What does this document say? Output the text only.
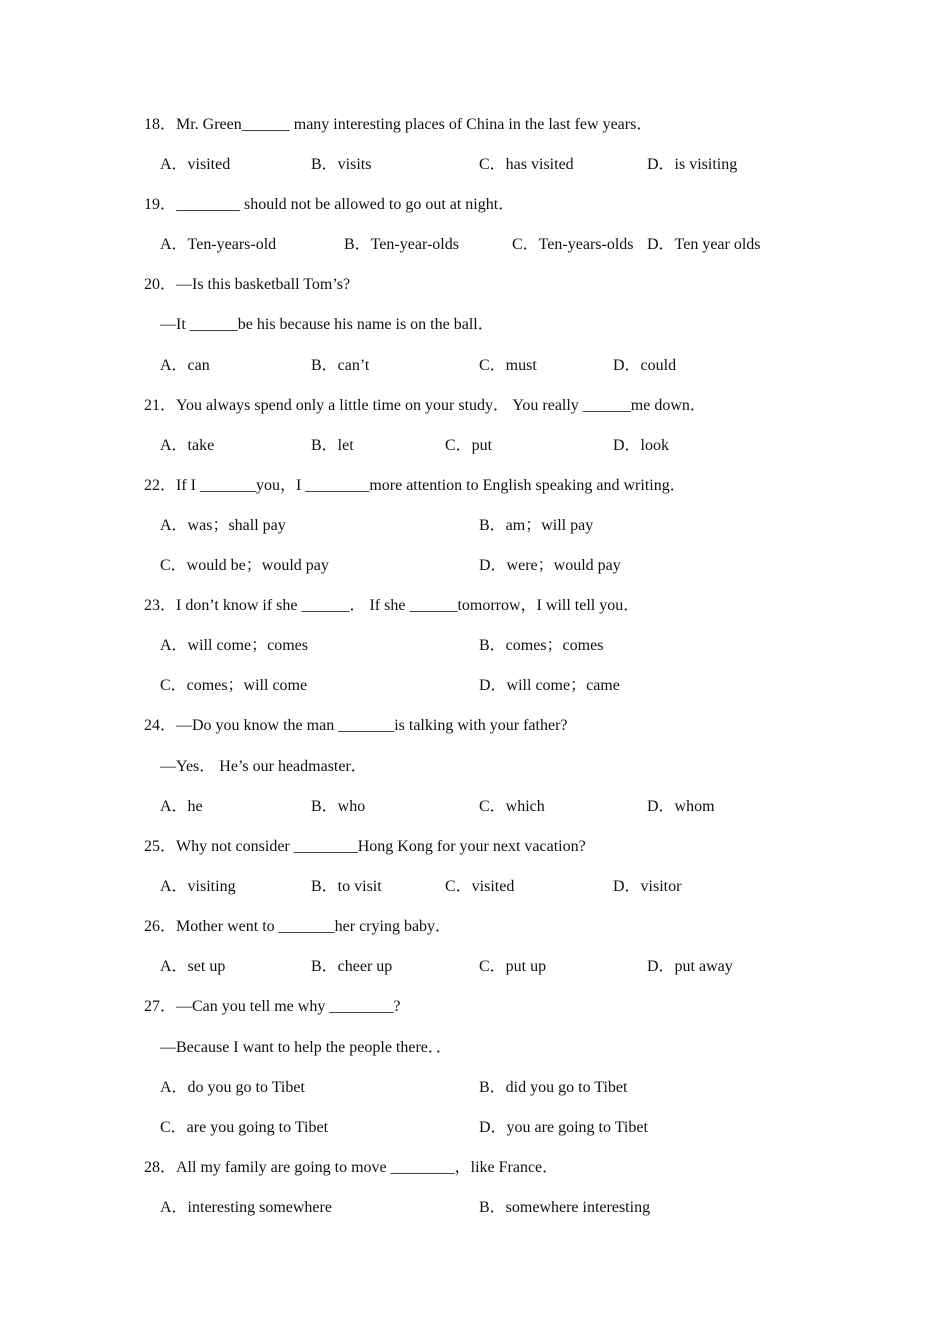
18．Mr. Green______ many interesting places of China in the last few years．
A．visited	B．visits	C．has visited	D．is visiting
19．________ should not be allowed to go out at night．
A．Ten-years-old	B．Ten-year-olds	C．Ten-years-olds D．Ten year olds
20．—Is this basketball Tom’s?
—It ______be his because his name is on the ball．
A．can	B．can’t	C．must	D．could
21．You always spend only a little time on your study． You really ______me down．
A．take	B．let	C．put	D．look
22．If I _______you，I ________more attention to English speaking and writing．
A．was；shall pay	B．am；will pay
C．would be；would pay	D．were；would pay
23．I don’t know if she ______． If she ______tomorrow，I will tell you．
A．will come；comes	B．comes；comes
C．comes；will come	D．will come；came
24．—Do you know the man _______is talking with your father?
—Yes． He’s our headmaster．
A．he	B．who	C．which	D．whom
25．Why not consider ________Hong Kong for your next vacation?
A．visiting	B．to visit	C．visited	D．visitor
26．Mother went to _______her crying baby．
A．set up	B．cheer up	C．put up	D．put away
27．—Can you tell me why ________?
—Because I want to help the people there．．
A．do you go to Tibet	B．did you go to Tibet
C．are you going to Tibet	D．you are going to Tibet
28．All my family are going to move ________，like France．
A．interesting somewhere	B．somewhere interesting
